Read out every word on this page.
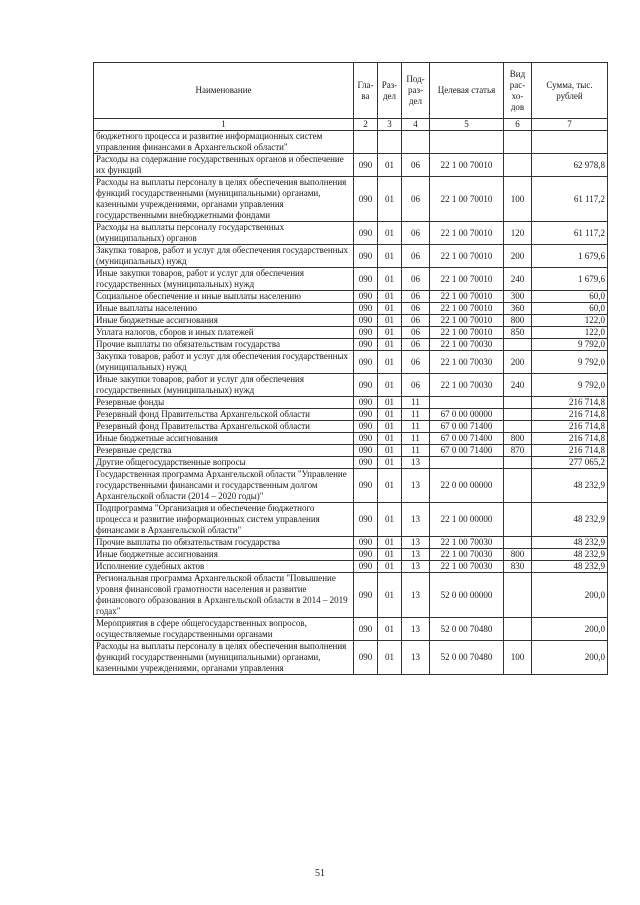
Наименование	Гла-ва	Раз-дел	Под-раз-дел	Целевая статья	Вид рас-хо-дов	Сумма, тыс. рублей
1	2	3	4	5	6	7
бюджетного процесса и развитие информационных систем управления финансами в Архангельской области"						
Расходы на содержание государственных органов и обеспечение их функций	090	01	06	22 1 00 70010		62 978,8
Расходы на выплаты персоналу в целях обеспечения выполнения функций государственными (муниципальными) органами, казенными учреждениями, органами управления государственными внебюджетными фондами	090	01	06	22 1 00 70010	100	61 117,2
Расходы на выплаты персоналу государственных (муниципальных) органов	090	01	06	22 1 00 70010	120	61 117,2
Закупка товаров, работ и услуг для обеспечения государственных (муниципальных) нужд	090	01	06	22 1 00 70010	200	1 679,6
Иные закупки товаров, работ и услуг для обеспечения государственных (муниципальных) нужд	090	01	06	22 1 00 70010	240	1 679,6
Социальное обеспечение и иные выплаты населению	090	01	06	22 1 00 70010	300	60,0
Иные выплаты населению	090	01	06	22 1 00 70010	360	60,0
Иные бюджетные ассигнования	090	01	06	22 1 00 70010	800	122,0
Уплата налогов, сборов и иных платежей	090	01	06	22 1 00 70010	850	122,0
Прочие выплаты по обязательствам государства	090	01	06	22 1 00 70030		9 792,0
Закупка товаров, работ и услуг для обеспечения государственных (муниципальных) нужд	090	01	06	22 1 00 70030	200	9 792,0
Иные закупки товаров, работ и услуг для обеспечения государственных (муниципальных) нужд	090	01	06	22 1 00 70030	240	9 792,0
Резервные фонды	090	01	11			216 714,8
Резервный фонд Правительства Архангельской области	090	01	11	67 0 00 00000		216 714,8
Резервный фонд Правительства Архангельской области	090	01	11	67 0 00 71400		216 714,8
Иные бюджетные ассигнования	090	01	11	67 0 00 71400	800	216 714,8
Резервные средства	090	01	11	67 0 00 71400	870	216 714,8
Другие общегосударственные вопросы	090	01	13			277 065,2
Государственная программа Архангельской области "Управление государственными финансами и государственным долгом Архангельской области (2014 – 2020 годы)"	090	01	13	22 0 00 00000		48 232,9
Подпрограмма "Организация и обеспечение бюджетного процесса и развитие информационных систем управления финансами в Архангельской области"	090	01	13	22 1 00 00000		48 232,9
Прочие выплаты по обязательствам государства	090	01	13	22 1 00 70030		48 232,9
Иные бюджетные ассигнования	090	01	13	22 1 00 70030	800	48 232,9
Исполнение судебных актов	090	01	13	22 1 00 70030	830	48 232,9
Региональная программа Архангельской области "Повышение уровня финансовой грамотности населения и развитие финансового образования в Архангельской области в 2014 – 2019 годах"	090	01	13	52 0 00 00000		200,0
Мероприятия в сфере общегосударственных вопросов, осуществляемые государственными органами	090	01	13	52 0 00 70480		200,0
Расходы на выплаты персоналу в целях обеспечения выполнения функций государственными (муниципальными) органами, казенными учреждениями, органами управления	090	01	13	52 0 00 70480	100	200,0
51
